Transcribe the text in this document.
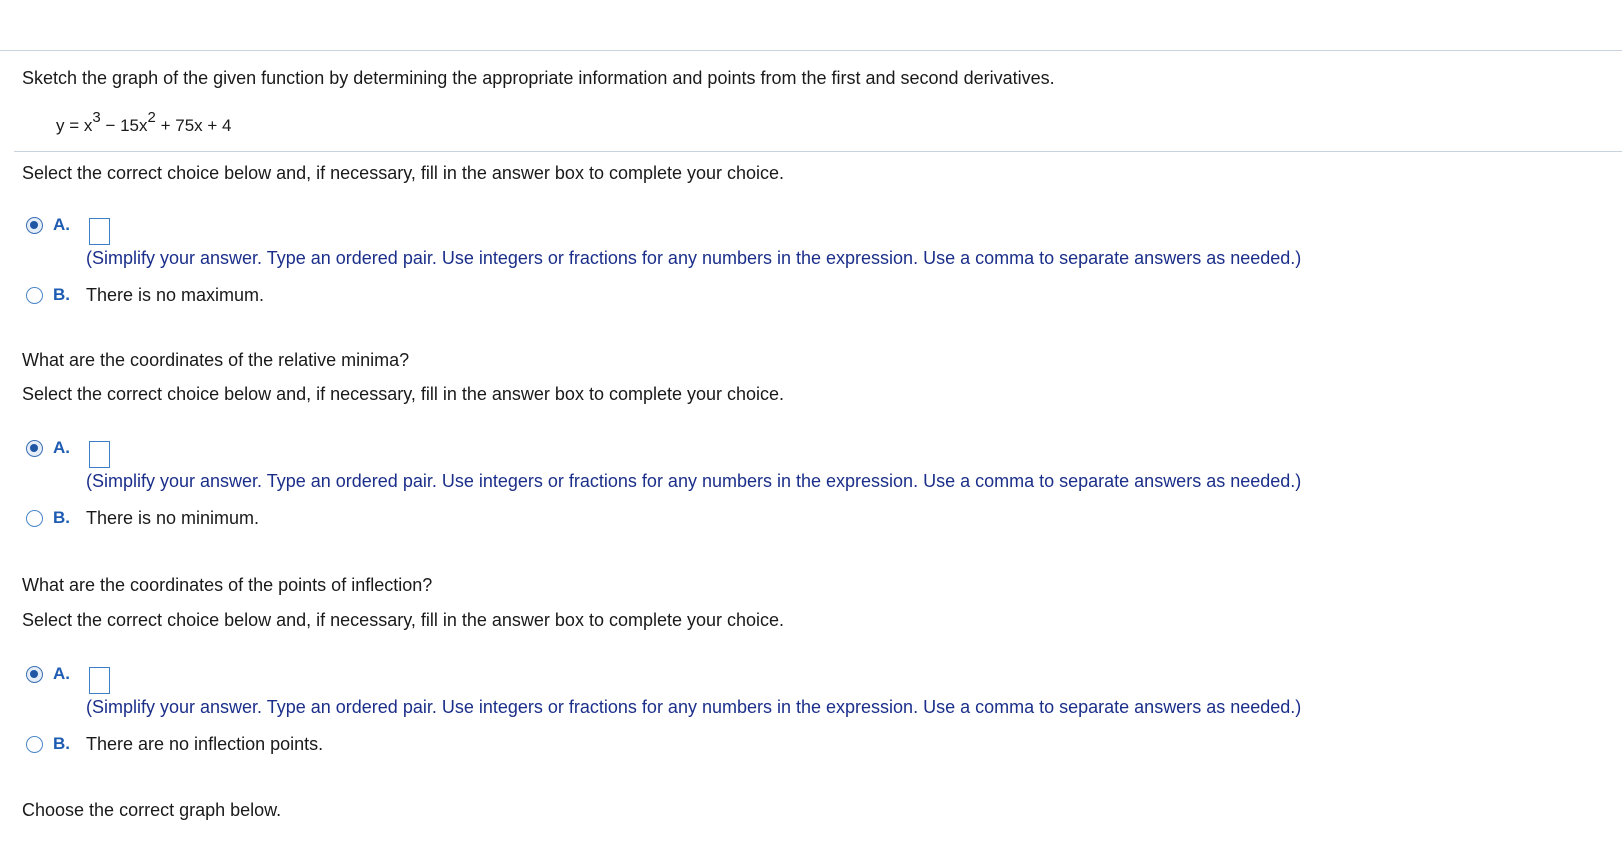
Sketch the graph of the given function by determining the appropriate information and points from the first and second derivatives.
$y = x^3 - 15x^2 + 75x + 4$
Select the correct choice below and, if necessary, fill in the answer box to complete your choice.
A.
(Simplify your answer. Type an ordered pair. Use integers or fractions for any numbers in the expression. Use a comma to separate answers as needed.)
B. There is no maximum.
What are the coordinates of the relative minima?
Select the correct choice below and, if necessary, fill in the answer box to complete your choice.
A.
(Simplify your answer. Type an ordered pair. Use integers or fractions for any numbers in the expression. Use a comma to separate answers as needed.)
B. There is no minimum.
What are the coordinates of the points of inflection?
Select the correct choice below and, if necessary, fill in the answer box to complete your choice.
A.
(Simplify your answer. Type an ordered pair. Use integers or fractions for any numbers in the expression. Use a comma to separate answers as needed.)
B. There are no inflection points.
Choose the correct graph below.
